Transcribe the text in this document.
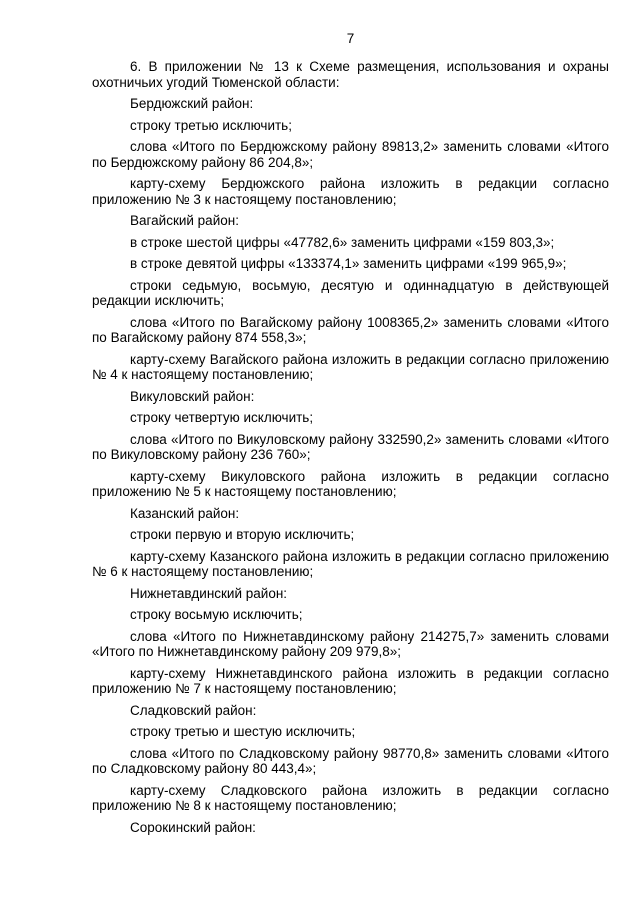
7

6. В приложении № 13 к Схеме размещения, использования и охраны охотничьих угодий Тюменской области:

Бердюжский район:

строку третью исключить;

слова «Итого по Бердюжскому району 89813,2» заменить словами «Итого по Бердюжскому району 86 204,8»;

карту-схему Бердюжского района изложить в редакции согласно приложению № 3 к настоящему постановлению;

Вагайский район:

в строке шестой цифры «47782,6» заменить цифрами «159 803,3»;

в строке девятой цифры «133374,1» заменить цифрами «199 965,9»;

строки седьмую, восьмую, десятую и одиннадцатую в действующей редакции исключить;

слова «Итого по Вагайскому району 1008365,2» заменить словами «Итого по Вагайскому району 874 558,3»;

карту-схему Вагайского района изложить в редакции согласно приложению № 4 к настоящему постановлению;

Викуловский район:

строку четвертую исключить;

слова «Итого по Викуловскому району 332590,2» заменить словами «Итого по Викуловскому району 236 760»;

карту-схему Викуловского района изложить в редакции согласно приложению № 5 к настоящему постановлению;

Казанский район:

строки первую и вторую исключить;

карту-схему Казанского района изложить в редакции согласно приложению № 6 к настоящему постановлению;

Нижнетавдинский район:

строку восьмую исключить;

слова «Итого по Нижнетавдинскому району 214275,7» заменить словами «Итого по Нижнетавдинскому району 209 979,8»;

карту-схему Нижнетавдинского района изложить в редакции согласно приложению № 7 к настоящему постановлению;

Сладковский район:

строку третью и шестую исключить;

слова «Итого по Сладковскому району 98770,8» заменить словами «Итого по Сладковскому району 80 443,4»;

карту-схему Сладковского района изложить в редакции согласно приложению № 8 к настоящему постановлению;

Сорокинский район:
